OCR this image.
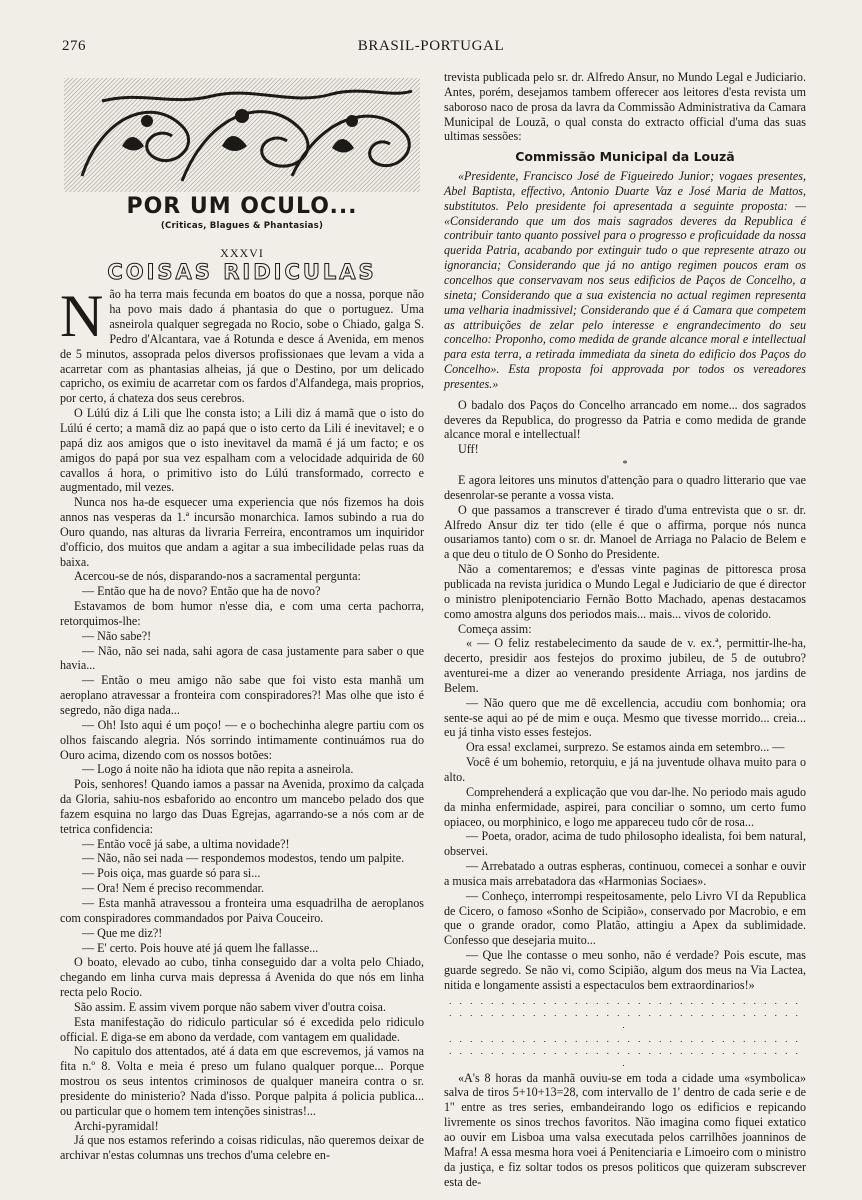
276	BRASIL-PORTUGAL
POR UM OCULO...
(Criticas, Blagues & Phantasias)
XXXVI
COISAS RIDICULAS

Não ha terra mais fecunda em boatos do que a nossa, porque não ha povo mais dado á phantasia do que o portuguez. Uma asneirola qualquer segregada no Rocio, sobe o Chiado, galga S. Pedro d'Alcantara, vae á Rotunda e desce á Avenida, em menos de 5 minutos, assoprada pelos diversos profissionaes que levam a vida a acarretar com as phantasias alheias, já que o Destino, por um delicado capricho, os eximiu de acarretar com os fardos d'Alfandega, mais proprios, por certo, á chateza dos seus cerebros.

O Lúlú diz á Lili que lhe consta isto; a Lili diz á mamã que o isto do Lúlú é certo; a mamã diz ao papá que o isto certo da Lili é inevitavel; e o papá diz aos amigos que o isto inevitavel da mamã é já um facto; e os amigos do papá por sua vez espalham com a velocidade adquirida de 60 cavallos á hora, o primitivo isto do Lúlú transformado, correcto e augmentado, mil vezes.

Nunca nos ha-de esquecer uma experiencia que nós fizemos ha dois annos nas vesperas da 1.ª incursão monarchica. Iamos subindo a rua do Ouro quando, nas alturas da livraria Ferreira, encontramos um inquiridor d'officio, dos muitos que andam a agitar a sua imbecilidade pelas ruas da baixa.

Acercou-se de nós, disparando-nos a sacramental pergunta:

— Então que ha de novo? Então que ha de novo?

Estavamos de bom humor n'esse dia, e com uma certa pachorra, retorquimos-lhe:

— Não sabe?!

— Não, não sei nada, sahi agora de casa justamente para saber o que havia...

— Então o meu amigo não sabe que foi visto esta manhã um aeroplano atravessar a fronteira com conspiradores?! Mas olhe que isto é segredo, não diga nada...

— Oh! Isto aqui é um poço! — e o bochechinha alegre partiu com os olhos faiscando alegria. Nós sorrindo intimamente continuámos rua do Ouro acima, dizendo com os nossos botões:

— Logo á noite não ha idiota que não repita a asneirola.

Pois, senhores! Quando iamos a passar na Avenida, proximo da calçada da Gloria, sahiu-nos esbaforido ao encontro um mancebo pelado dos que fazem esquina no largo das Duas Egrejas, agarrando-se a nós com ar de tetrica confidencia:

— Então você já sabe, a ultima novidade?!

— Não, não sei nada — respondemos modestos, tendo um palpite.

— Pois oiça, mas guarde só para si...

— Ora! Nem é preciso recommendar.

— Esta manhã atravessou a fronteira uma esquadrilha de aeroplanos com conspiradores commandados por Paiva Couceiro.

— Que me diz?!

— E' certo. Pois houve até já quem lhe fallasse...

O boato, elevado ao cubo, tinha conseguido dar a volta pelo Chiado, chegando em linha curva mais depressa á Avenida do que nós em linha recta pelo Rocio.

São assim. E assim vivem porque não sabem viver d'outra coisa.

Esta manifestação do ridiculo particular só é excedida pelo ridiculo official. E diga-se em abono da verdade, com vantagem em qualidade.

No capitulo dos attentados, até á data em que escrevemos, já vamos na fita n.º 8. Volta e meia é preso um fulano qualquer porque... Porque mostrou os seus intentos criminosos de qualquer maneira contra o sr. presidente do ministerio? Nada d'isso. Porque palpita á policia publica... ou particular que o homem tem intenções sinistras!...

Archi-pyramidal!

Já que nos estamos referindo a coisas ridiculas, não queremos deixar de archivar n'estas columnas uns trechos d'uma celebre en-

trevista publicada pelo sr. dr. Alfredo Ansur, no Mundo Legal e Judiciario. Antes, porém, desejamos tambem offerecer aos leitores d'esta revista um saboroso naco de prosa da lavra da Commissão Administrativa da Camara Municipal de Louzã, o qual consta do extracto official d'uma das suas ultimas sessões:

Commissão Municipal da Louzã

«Presidente, Francisco José de Figueiredo Junior; vogaes presentes, Abel Baptista, effectivo, Antonio Duarte Vaz e José Maria de Mattos, substitutos. Pelo presidente foi apresentada a seguinte proposta: — «Considerando que um dos mais sagrados deveres da Republica é contribuir tanto quanto possivel para o progresso e proficuidade da nossa querida Patria, acabando por extinguir tudo o que represente atrazo ou ignorancia; Considerando que já no antigo regimen poucos eram os concelhos que conservavam nos seus edificios de Paços de Concelho, a sineta; Considerando que a sua existencia no actual regimen representa uma velharia inadmissivel; Considerando que é á Camara que competem as attribuições de zelar pelo interesse e engrandecimento do seu concelho: Proponho, como medida de grande alcance moral e intellectual para esta terra, a retirada immediata da sineta do edificio dos Paços do Concelho». Esta proposta foi approvada por todos os vereadores presentes.»

O badalo dos Paços do Concelho arrancado em nome... dos sagrados deveres da Republica, do progresso da Patria e como medida de grande alcance moral e intellectual!

Uff!

*

E agora leitores uns minutos d'attenção para o quadro litterario que vae desenrolar-se perante a vossa vista.

O que passamos a transcrever é tirado d'uma entrevista que o sr. dr. Alfredo Ansur diz ter tido (elle é que o affirma, porque nós nunca ousariamos tanto) com o sr. dr. Manoel de Arriaga no Palacio de Belem e a que deu o titulo de O Sonho do Presidente.

Não a comentaremos; e d'essas vinte paginas de pittoresca prosa publicada na revista juridica o Mundo Legal e Judiciario de que é director o ministro plenipotenciario Fernão Botto Machado, apenas destacamos como amostra alguns dos periodos mais... mais... vivos de colorido.

Começa assim:

« — O feliz restabelecimento da saude de v. ex.ª, permittir-lhe-ha, decerto, presidir aos festejos do proximo jubileu, de 5 de outubro? aventurei-me a dizer ao venerando presidente Arriaga, nos jardins de Belem.

— Não quero que me dê excellencia, accudiu com bonhomia; ora sente-se aqui ao pé de mim e ouça. Mesmo que tivesse morrido... creia... eu já tinha visto esses festejos.

Ora essa! exclamei, surprezo. Se estamos ainda em setembro... —

Você é um bohemio, retorquiu, e já na juventude olhava muito para o alto.

Comprehenderá a explicação que vou dar-lhe. No periodo mais agudo da minha enfermidade, aspirei, para conciliar o somno, um certo fumo opiaceo, ou morphinico, e logo me appareceu tudo côr de rosa...

— Poeta, orador, acima de tudo philosopho idealista, foi bem natural, observei.

— Arrebatado a outras espheras, continuou, comecei a sonhar e ouvir a musica mais arrebatadora das «Harmonias Sociaes».

— Conheço, interrompi respeitosamente, pelo Livro VI da Republica de Cicero, o famoso «Sonho de Scipião», conservado por Macrobio, e em que o grande orador, como Platão, attingiu a Apex da sublimidade. Confesso que desejaria muito...

— Que lhe contasse o meu sonho, não é verdade? Pois escute, mas guarde segredo. Se não vi, como Scipião, algum dos meus na Via Lactea, nitida e longamente assisti a espectaculos bem extraordinarios!»

. . . . . . . . . . . . . . . . . . . . . . . . . . . . . . . . . . . . . . . . . . . . . . . . . . . . . . . . . . . . . . . . . . . . .
. . . . . . . . . . . . . . . . . . . . . . . . . . . . . . . . . . . . . . . . . . . . . . . . . . . . . . . . . . . . . . . . . . . . .

«A's 8 horas da manhã ouviu-se em toda a cidade uma «symbolica» salva de tiros 5+10+13=28, com intervallo de 1' dentro de cada serie e de 1'' entre as tres series, embandeirando logo os edificios e repicando livremente os sinos trechos favoritos. Não imagina como fiquei extatico ao ouvir em Lisboa uma valsa executada pelos carrilhões joanninos de Mafra! A essa mesma hora voei á Penitenciaria e Limoeiro com o ministro da justiça, e fiz soltar todos os presos politicos que quizeram subscrever esta de-
